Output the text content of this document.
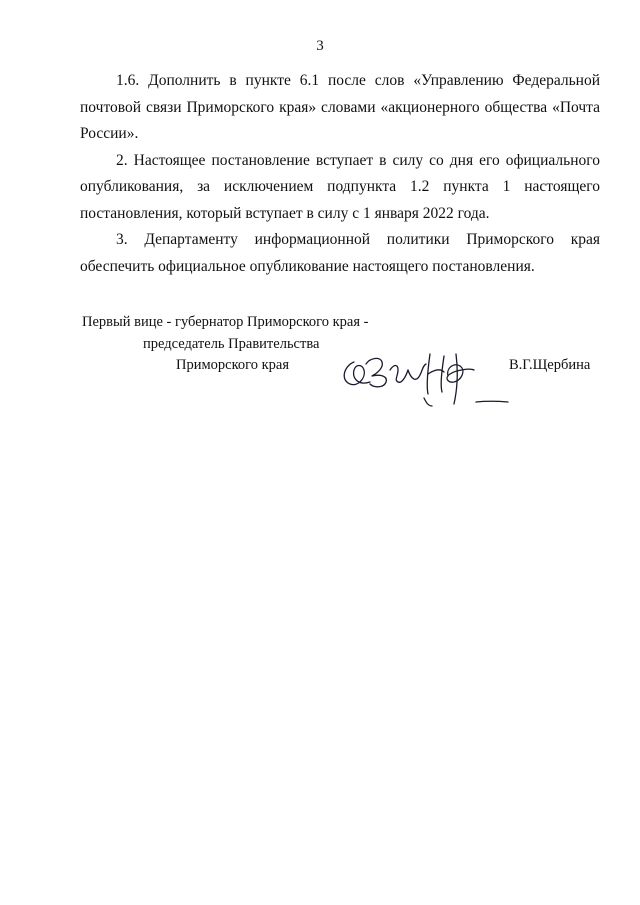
3

1.6. Дополнить в пункте 6.1 после слов «Управлению Федеральной почтовой связи Приморского края» словами «акционерного общества «Почта России».

2. Настоящее постановление вступает в силу со дня его официального опубликования, за исключением подпункта 1.2 пункта 1 настоящего постановления, который вступает в силу с 1 января 2022 года.

3. Департаменту информационной политики Приморского края обеспечить официальное опубликование настоящего постановления.

Первый вице - губернатор Приморского края -
председатель Правительства
Приморского края	В.Г.Щербина
